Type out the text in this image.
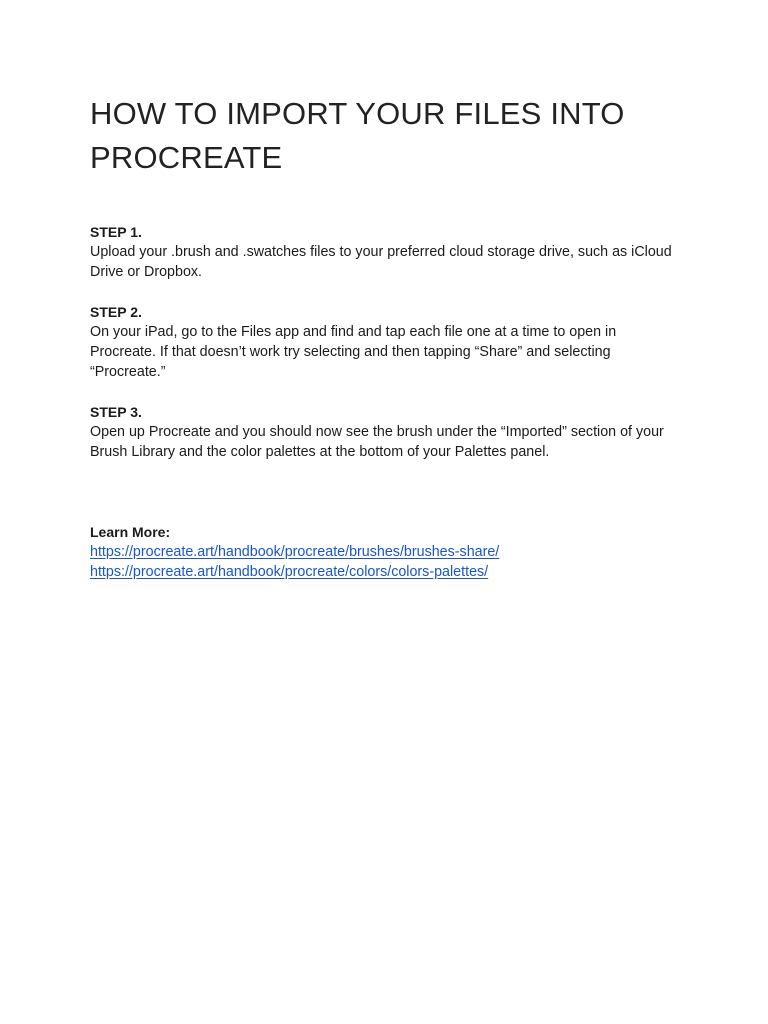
HOW TO IMPORT YOUR FILES INTO PROCREATE
STEP 1.
Upload your .brush and .swatches files to your preferred cloud storage drive, such as iCloud Drive or Dropbox.
STEP 2.
On your iPad, go to the Files app and find and tap each file one at a time to open in Procreate. If that doesn’t work try selecting and then tapping “Share” and selecting “Procreate.”
STEP 3.
Open up Procreate and you should now see the brush under the “Imported” section of your Brush Library and the color palettes at the bottom of your Palettes panel.
Learn More:
https://procreate.art/handbook/procreate/brushes/brushes-share/
https://procreate.art/handbook/procreate/colors/colors-palettes/
